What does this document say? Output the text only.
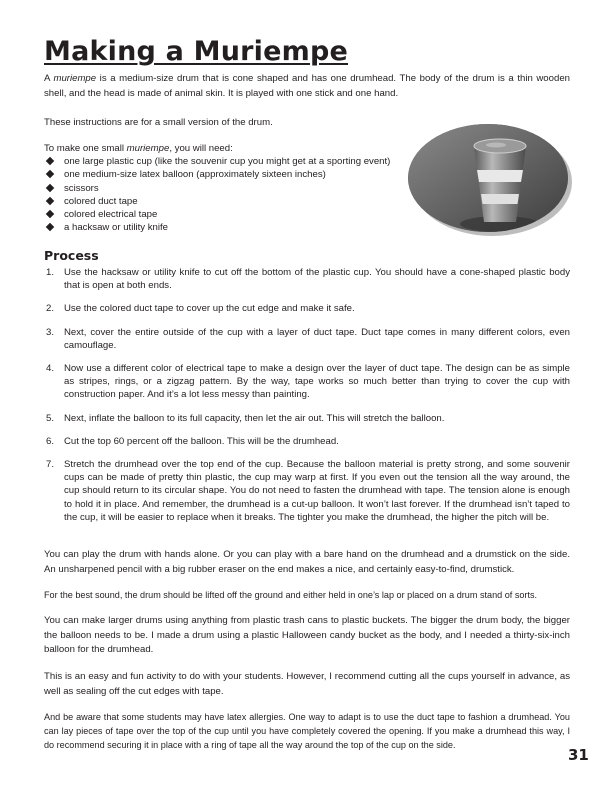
Making a Muriempe

A muriempe is a medium-size drum that is cone shaped and has one drumhead. The body of the drum is a thin wooden shell, and the head is made of animal skin. It is played with one stick and one hand.

These instructions are for a small version of the drum.

To make one small muriempe, you will need:

one large plastic cup (like the souvenir cup you might get at a sporting event)
one medium-size latex balloon (approximately sixteen inches)
scissors
colored duct tape
colored electrical tape
a hacksaw or utility knife
Process

1. Use the hacksaw or utility knife to cut off the bottom of the plastic cup. You should have a cone-shaped plastic body that is open at both ends.

2. Use the colored duct tape to cover up the cut edge and make it safe.

3. Next, cover the entire outside of the cup with a layer of duct tape. Duct tape comes in many different colors, even camouflage.

4. Now use a different color of electrical tape to make a design over the layer of duct tape. The design can be as simple as stripes, rings, or a zigzag pattern. By the way, tape works so much better than trying to cover the cup with construction paper. And it’s a lot less messy than painting.

5. Next, inflate the balloon to its full capacity, then let the air out. This will stretch the balloon.

6. Cut the top 60 percent off the balloon. This will be the drumhead.

7. Stretch the drumhead over the top end of the cup. Because the balloon material is pretty strong, and some souvenir cups can be made of pretty thin plastic, the cup may warp at first. If you even out the tension all the way around, the cup should return to its circular shape. You do not need to fasten the drumhead with tape. The tension alone is enough to hold it in place. And remember, the drumhead is a cut-up balloon. It won’t last forever. If the drumhead isn’t taped to the cup, it will be easier to replace when it breaks. The tighter you make the drumhead, the higher the pitch will be.

You can play the drum with hands alone. Or you can play with a bare hand on the drumhead and a drumstick on the side. An unsharpened pencil with a big rubber eraser on the end makes a nice, and certainly easy-to-find, drumstick.

For the best sound, the drum should be lifted off the ground and either held in one’s lap or placed on a drum stand of sorts.

You can make larger drums using anything from plastic trash cans to plastic buckets. The bigger the drum body, the bigger the balloon needs to be. I made a drum using a plastic Halloween candy bucket as the body, and I needed a thirty-six-inch balloon for the drumhead.

This is an easy and fun activity to do with your students. However, I recommend cutting all the cups yourself in advance, as well as sealing off the cut edges with tape.

And be aware that some students may have latex allergies. One way to adapt is to use the duct tape to fashion a drumhead. You can lay pieces of tape over the top of the cup until you have completely covered the opening. If you make a drumhead this way, I do recommend securing it in place with a ring of tape all the way around the top of the cup on the side.

31
